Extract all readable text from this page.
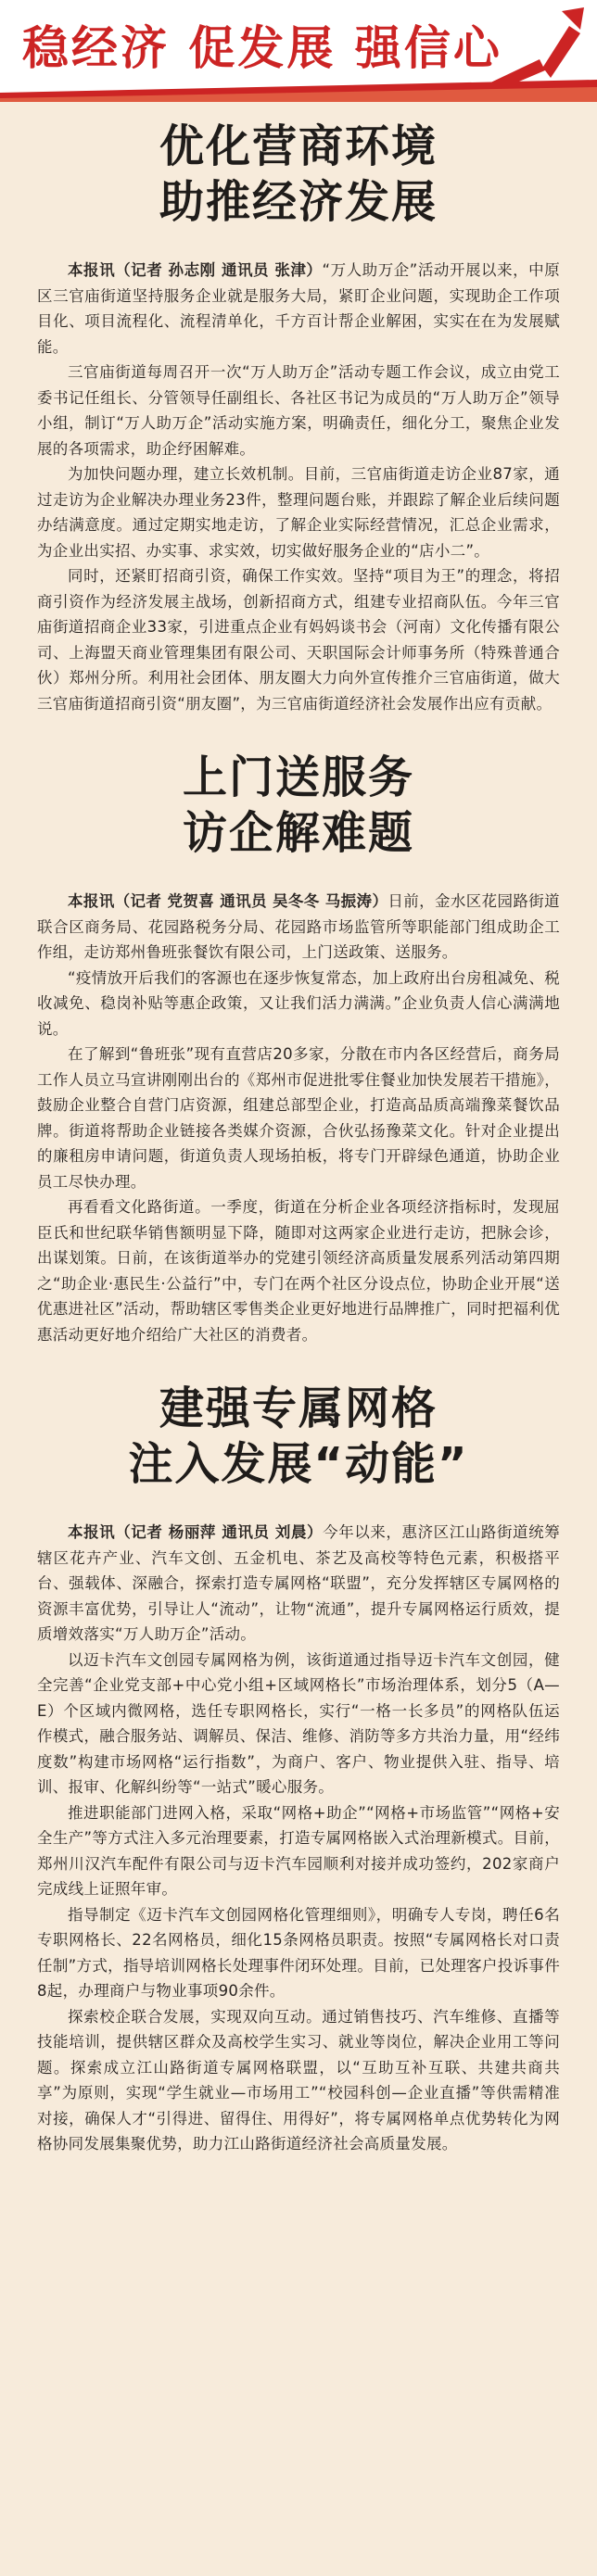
稳经济 促发展 强信心
优化营商环境
助推经济发展

本报讯（记者 孙志刚 通讯员 张津）“万人助万企”活动开展以来，中原区三官庙街道坚持服务企业就是服务大局，紧盯企业问题，实现助企工作项目化、项目流程化、流程清单化，千方百计帮企业解困，实实在在为发展赋能。

三官庙街道每周召开一次“万人助万企”活动专题工作会议，成立由党工委书记任组长、分管领导任副组长、各社区书记为成员的“万人助万企”领导小组，制订“万人助万企”活动实施方案，明确责任，细化分工，聚焦企业发展的各项需求，助企纾困解难。

为加快问题办理，建立长效机制。目前，三官庙街道走访企业87家，通过走访为企业解决办理业务23件，整理问题台账，并跟踪了解企业后续问题办结满意度。通过定期实地走访，了解企业实际经营情况，汇总企业需求，为企业出实招、办实事、求实效，切实做好服务企业的“店小二”。

同时，还紧盯招商引资，确保工作实效。坚持“项目为王”的理念，将招商引资作为经济发展主战场，创新招商方式，组建专业招商队伍。今年三官庙街道招商企业33家，引进重点企业有妈妈谈书会（河南）文化传播有限公司、上海盟天商业管理集团有限公司、天职国际会计师事务所（特殊普通合伙）郑州分所。利用社会团体、朋友圈大力向外宣传推介三官庙街道，做大三官庙街道招商引资“朋友圈”，为三官庙街道经济社会发展作出应有贡献。

上门送服务
访企解难题

本报讯（记者 党贺喜 通讯员 吴冬冬 马振涛）日前，金水区花园路街道联合区商务局、花园路税务分局、花园路市场监管所等职能部门组成助企工作组，走访郑州鲁班张餐饮有限公司，上门送政策、送服务。

“疫情放开后我们的客源也在逐步恢复常态，加上政府出台房租减免、税收减免、稳岗补贴等惠企政策，又让我们活力满满。”企业负责人信心满满地说。

在了解到“鲁班张”现有直营店20多家，分散在市内各区经营后，商务局工作人员立马宣讲刚刚出台的《郑州市促进批零住餐业加快发展若干措施》，鼓励企业整合自营门店资源，组建总部型企业，打造高品质高端豫菜餐饮品牌。街道将帮助企业链接各类媒介资源，合伙弘扬豫菜文化。针对企业提出的廉租房申请问题，街道负责人现场拍板，将专门开辟绿色通道，协助企业员工尽快办理。

再看看文化路街道。一季度，街道在分析企业各项经济指标时，发现屈臣氏和世纪联华销售额明显下降，随即对这两家企业进行走访，把脉会诊，出谋划策。日前，在该街道举办的党建引领经济高质量发展系列活动第四期之“助企业·惠民生·公益行”中，专门在两个社区分设点位，协助企业开展“送优惠进社区”活动，帮助辖区零售类企业更好地进行品牌推广，同时把福利优惠活动更好地介绍给广大社区的消费者。

建强专属网格
注入发展“动能”

本报讯（记者 杨丽萍 通讯员 刘晨）今年以来，惠济区江山路街道统筹辖区花卉产业、汽车文创、五金机电、茶艺及高校等特色元素，积极搭平台、强载体、深融合，探索打造专属网格“联盟”，充分发挥辖区专属网格的资源丰富优势，引导让人“流动”，让物“流通”，提升专属网格运行质效，提质增效落实“万人助万企”活动。

以迈卡汽车文创园专属网格为例，该街道通过指导迈卡汽车文创园，健全完善“企业党支部+中心党小组+区域网格长”市场治理体系，划分5（A—E）个区域内微网格，选任专职网格长，实行“一格一长多员”的网格队伍运作模式，融合服务站、调解员、保洁、维修、消防等多方共治力量，用“经纬度数”构建市场网格“运行指数”，为商户、客户、物业提供入驻、指导、培训、报审、化解纠纷等“一站式”暖心服务。

推进职能部门进网入格，采取“网格+助企”“网格+市场监管”“网格+安全生产”等方式注入多元治理要素，打造专属网格嵌入式治理新模式。目前，郑州川汉汽车配件有限公司与迈卡汽车园顺利对接并成功签约，202家商户完成线上证照年审。

指导制定《迈卡汽车文创园网格化管理细则》，明确专人专岗，聘任6名专职网格长、22名网格员，细化15条网格员职责。按照“专属网格长对口责任制”方式，指导培训网格长处理事件闭环处理。目前，已处理客户投诉事件8起，办理商户与物业事项90余件。

探索校企联合发展，实现双向互动。通过销售技巧、汽车维修、直播等技能培训，提供辖区群众及高校学生实习、就业等岗位，解决企业用工等问题。探索成立江山路街道专属网格联盟，以“互助互补互联、共建共商共享”为原则，实现“学生就业—市场用工”“校园科创—企业直播”等供需精准对接，确保人才“引得进、留得住、用得好”，将专属网格单点优势转化为网格协同发展集聚优势，助力江山路街道经济社会高质量发展。
